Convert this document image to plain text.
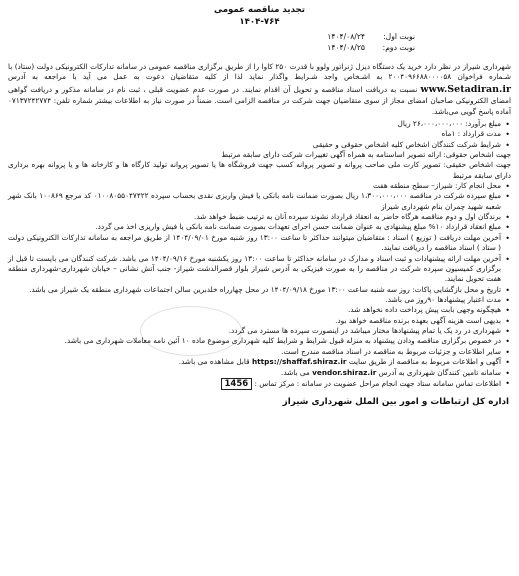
تجدید مناقصه عمومی
۱۴۰۴-۷۶۴
نوبت اول:
۱۴۰۴/۰۸/۲۴
نوبت دوم:
۱۴۰۴/۰۸/۲۵

شهرداری شیراز در نظر دارد خرید یک دستگاه دیزل ژنراتور ولوو با قدرت ۲۵۰ کاوا را از طریق برگزاری مناقصه عمومی در سامانه تدارکات الکترونیکی دولت (ستاد) با شـماره فراخوان ۲۰۰۴۰۹۶۶۸۸۰۰۰۰۵۸ به اشـخاص واجد شـرایط واگذار نماید لذا از کلیه متقاضیان دعوت به عمل می آید با مراجعه به آدرس www.Setadiran.ir نسبت به دریافت اسناد مناقصه و تحویل آن اقدام نمایند. در صورت عدم عضویت قبلی ، ثبت نام در سامانه مذکور و دریافت گواهی امضای الکترونیکی صاحبان امضای مجاز از سوی متقاضیان جهت شرکت در مناقصه الزامی است. ضمناً در صورت نیاز به اطلاعات بیشتر شماره تلفن: ۰۷۱۳۷۲۴۲۷۷۴ آماده پاسخ گویی می‌باشد.

• مبلغ برآورد: ۲۶،۰۰۰،۰۰۰،۰۰۰ ریال

• مدت قرارداد : ۱ماه

• شرایط شرکت کنندگان اشخاص کلیه اشخاص حقوقی و حقیقی

جهت اشخاص حقوقی: ارائه تصویر اساسنامه به همراه آگهی تغییرات شرکت دارای سابقه مرتبط

جهت اشخاص حقیقی: تصویر کارت ملی صاحب پروانه و تصویر پروانه کسب جهت فروشگاه ها یا تصویر پروانه تولید کارگاه ها و کارخانه ها و یا پروانه بهره برداری دارای سابقه مرتبط

• محل انجام کار: شیراز– سطح منطقه هفت

• مبلغ سپرده شرکت در مناقصه ۱،۳۰۰،۰۰۰،۰۰۰ ریال بصورت ضمانت نامه بانکی یا فیش واریزی نقدی بحساب سپرده ۰۱۰۰۸۰۵۵۰۴۷۴۲۲ کد مرجع ۱۰۰۸۶۹ بانک شهر شعبه شهید چمران بنام شهرداری شیراز

• برندگان اول و دوم مناقصه هرگاه حاضر به انعقاد قرارداد نشوند سپرده آنان به ترتیب ضبط خواهد شد.

• مبلغ انعقاد قرارداد ۱۰% مبلغ پیشنهادی به عنوان ضمانت حسن اجرای تعهدات بصورت ضمانت نامه بانکی یا فیش واریزی اخذ می گردد.

• آخرین مهلت دریافت ( توزیع ) اسناد : متقاضیان میتوانند حداکثر تا ساعت ۱۳:۰۰ روز شنبه مورخ ۱۴۰۴/۰۹/۰۱ از طریق مراجعه به سامانه تدارکات الکترونیکی دولت ( ستاد ) اسناد مناقصه را دریافت نمایند.

• آخرین مهلت ارائه پیشنهادات و ثبت اسناد و مدارک در سامانه حداکثر تا ساعت ۱۳:۰۰ روز یکشنبه مورخ ۱۴۰۴/۰۹/۱۶ می باشد. شرکت کنندگان می بایست تا قبل از برگزاری کمیسیون سپرده شرکت در مناقصه را به صورت فیزیکی به آدرس شیراز بلوار قصرالدشت شیراز- جنب آتش نشانی – خیابان شهرداری-شهرداری منطقه هفت تحویل نمایند.

• تاریخ و محل بازگشایی پاکات: روز سه شنبه ساعت ۱۳:۰۰ مورخ ۱۴۰۴/۰۹/۱۸ در محل چهارراه خلدبرین سالن اجتماعات شهرداری منطقه یک شیراز می باشد.

• مدت اعتبار پیشنهادها ۹۰روز می باشد.

• هیچگونه وجهی بابت پیش پرداخت داده نخواهد شد.

• بدیهی است هزینه آگهی بعهده برنده مناقصه خواهد بود.

• شهرداری در رد یک یا تمام پیشنهادها مختار میباشد در اینصورت سپرده ها مسترد می گردد.

• در خصوص برگزاری مناقصه ودادن پیشنهاد به منزله قبول شرایط و شرایط کلیه شهرداری موضوع ماده ۱۰ آئین نامه معاملات شهرداری می باشد.

• سایر اطلاعات و جزئیات مربوط به مناقصه در اسناد مناقصه مندرج است.

• آگهی و اطلاعات مربوط به مناقصه از طریق سایت https://shaffaf.shiraz.ir قابل مشاهده می باشد.

• سامانه تامین کنندگان شهرداری به آدرس vendor.shiraz.ir می باشد.

• اطلاعات تماس سامانه ستاد جهت انجام مراحل عضویت در سامانه : مرکز تماس : 1456

اداره کل ارتباطات و امور بین الملل شهرداری شیراز
